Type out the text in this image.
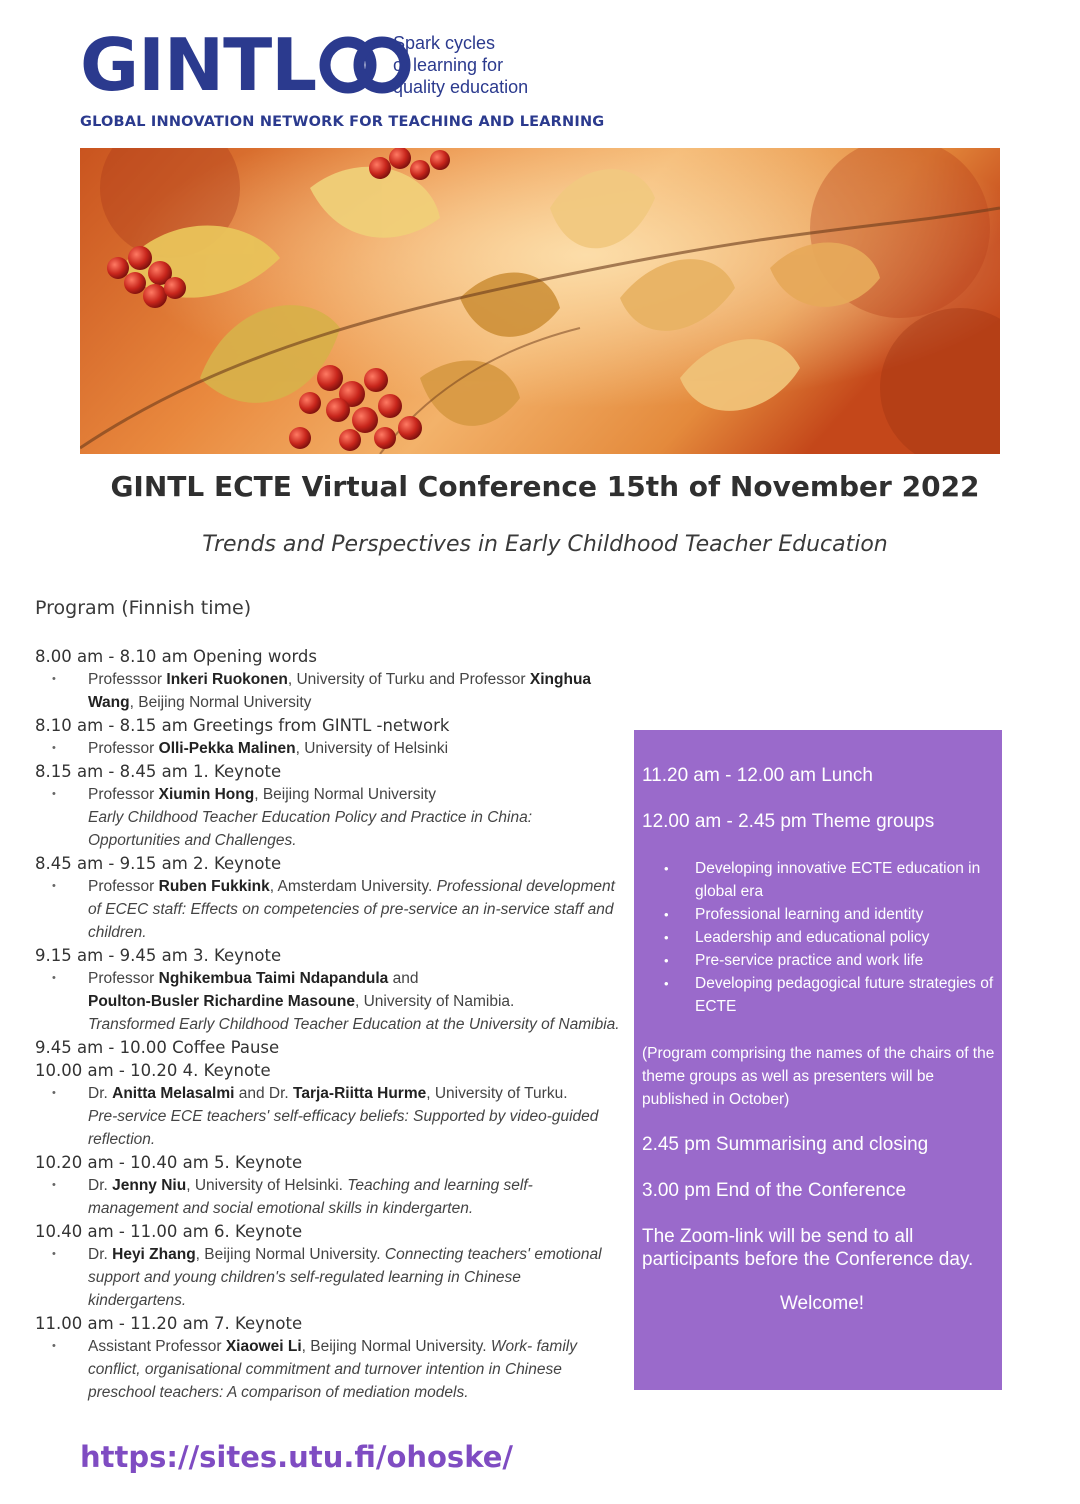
GINTL	Spark cycles
of learning for
quality education
GLOBAL INNOVATION NETWORK FOR TEACHING AND LEARNING
GINTL ECTE Virtual Conference 15th of November 2022
Trends and Perspectives in Early Childhood Teacher Education
Program (Finnish time)
8.00 am - 8.10 am Opening words
• Professsor Inkeri Ruokonen, University of Turku and Professor Xinghua Wang, Beijing Normal University
8.10 am - 8.15 am Greetings from GINTL -network
• Professor Olli-Pekka Malinen, University of Helsinki
8.15 am - 8.45 am 1. Keynote
• Professor Xiumin Hong, Beijing Normal University
Early Childhood Teacher Education Policy and Practice in China: Opportunities and Challenges.
8.45 am - 9.15 am 2. Keynote
• Professor Ruben Fukkink, Amsterdam University. Professional development of ECEC staff: Effects on competencies of pre-service an in-service staff and children.
9.15 am - 9.45 am 3. Keynote
• Professor Nghikembua Taimi Ndapandula and
Poulton-Busler Richardine Masoune, University of Namibia.
Transformed Early Childhood Teacher Education at the University of Namibia.
9.45 am - 10.00 Coffee Pause
10.00 am - 10.20 4. Keynote
• Dr. Anitta Melasalmi and Dr. Tarja-Riitta Hurme, University of Turku.
Pre-service ECE teachers' self-efficacy beliefs: Supported by video-guided reflection.
10.20 am - 10.40 am 5. Keynote
• Dr. Jenny Niu, University of Helsinki. Teaching and learning self-management and social emotional skills in kindergarten.
10.40 am - 11.00 am 6. Keynote
• Dr. Heyi Zhang, Beijing Normal University. Connecting teachers' emotional support and young children's self-regulated learning in Chinese kindergartens.
11.00 am - 11.20 am 7. Keynote
• Assistant Professor Xiaowei Li, Beijing Normal University. Work- family conflict, organisational commitment and turnover intention in Chinese preschool teachers: A comparison of mediation models.
https://sites.utu.fi/ohoske/
11.20 am - 12.00 am Lunch
12.00 am - 2.45 pm Theme groups
• Developing innovative ECTE education in global era
• Professional learning and identity
• Leadership and educational policy
• Pre-service practice and work life
• Developing pedagogical future strategies of ECTE
(Program comprising the names of the chairs of the theme groups as well as presenters will be published in October)
2.45 pm Summarising and closing
3.00 pm End of the Conference
The Zoom-link will be send to all participants before the Conference day.
Welcome!
